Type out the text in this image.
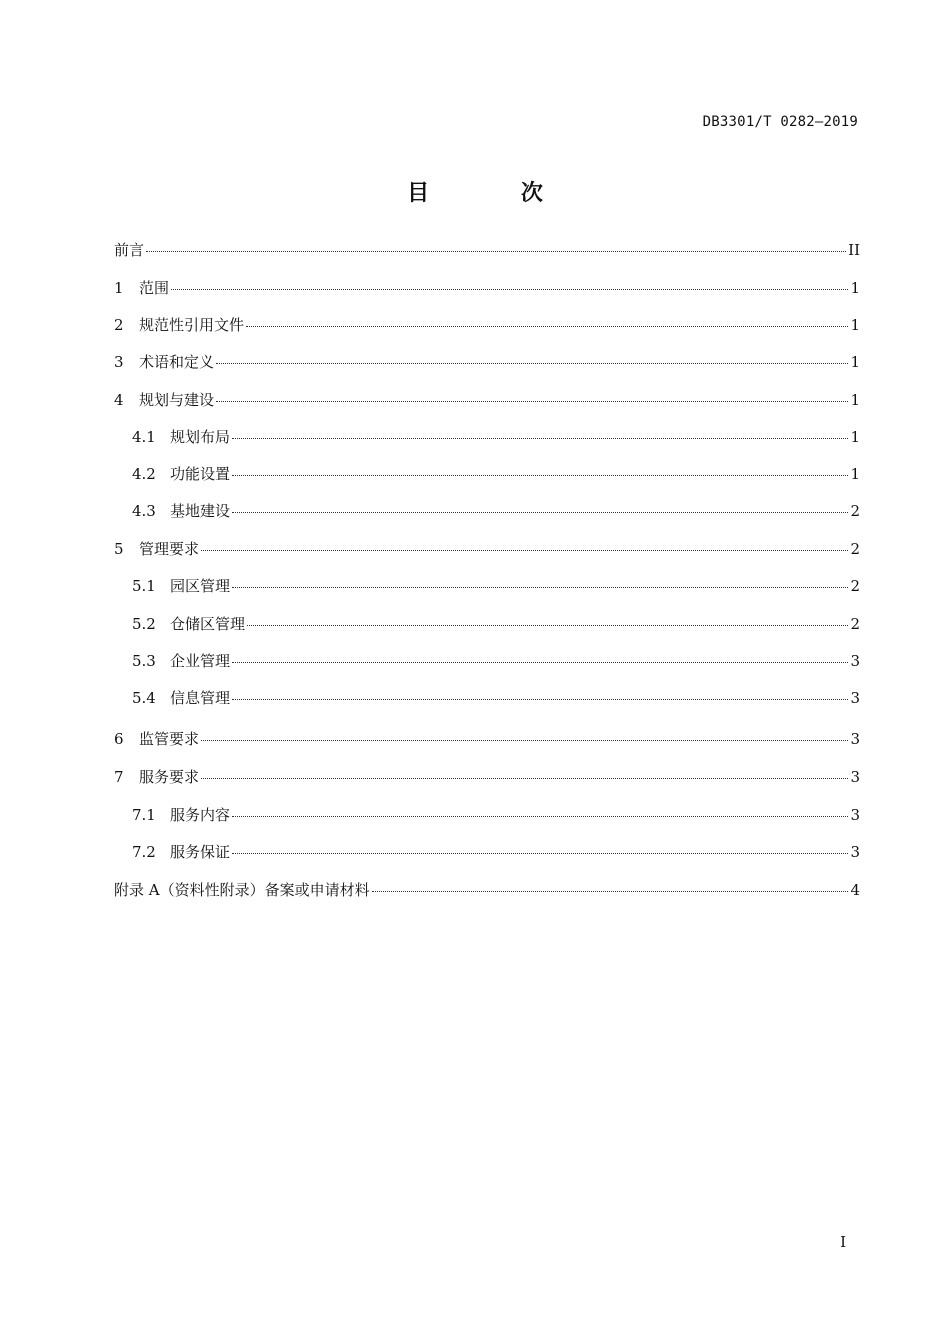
DB3301/T 0282—2019
目 次
前言	II
1	范围	1
2	规范性引用文件	1
3	术语和定义	1
4	规划与建设	1
4.1 规划布局	1
4.2 功能设置	1
4.3 基地建设	2
5	管理要求	2
5.1 园区管理	2
5.2 仓储区管理	2
5.3 企业管理	3
5.4 信息管理	3
6	监管要求	3
7	服务要求	3
7.1 服务内容	3
7.2 服务保证	3
附录 A（资料性附录）备案或申请材料	4
I
